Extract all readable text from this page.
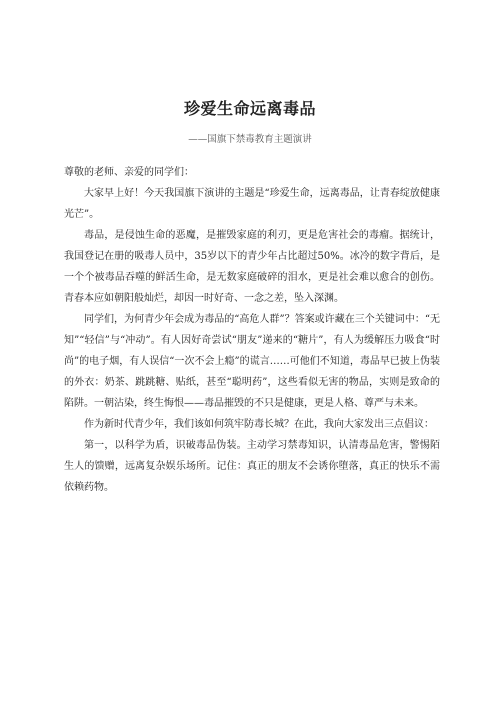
珍爱生命远离毒品
——国旗下禁毒教育主题演讲

尊敬的老师、亲爱的同学们：

大家早上好！今天我国旗下演讲的主题是“珍爱生命，远离毒品，让青春绽放健康光芒”。

毒品，是侵蚀生命的恶魔，是摧毁家庭的利刃，更是危害社会的毒瘤。据统计，我国登记在册的吸毒人员中，35岁以下的青少年占比超过50%。冰冷的数字背后，是一个个被毒品吞噬的鲜活生命，是无数家庭破碎的泪水，更是社会难以愈合的创伤。青春本应如朝阳般灿烂，却因一时好奇、一念之差，坠入深渊。

同学们，为何青少年会成为毒品的“高危人群”？答案或许藏在三个关键词中：“无知”“轻信”与“冲动”。有人因好奇尝试“朋友”递来的“糖片”，有人为缓解压力吸食“时尚”的电子烟，有人误信“一次不会上瘾”的谎言……可他们不知道，毒品早已披上伪装的外衣：奶茶、跳跳糖、贴纸，甚至“聪明药”，这些看似无害的物品，实则是致命的陷阱。一朝沾染，终生悔恨——毒品摧毁的不只是健康，更是人格、尊严与未来。

作为新时代青少年，我们该如何筑牢防毒长城？在此，我向大家发出三点倡议：

第一，以科学为盾，识破毒品伪装。主动学习禁毒知识，认清毒品危害，警惕陌生人的馈赠，远离复杂娱乐场所。记住：真正的朋友不会诱你堕落，真正的快乐不需依赖药物。
